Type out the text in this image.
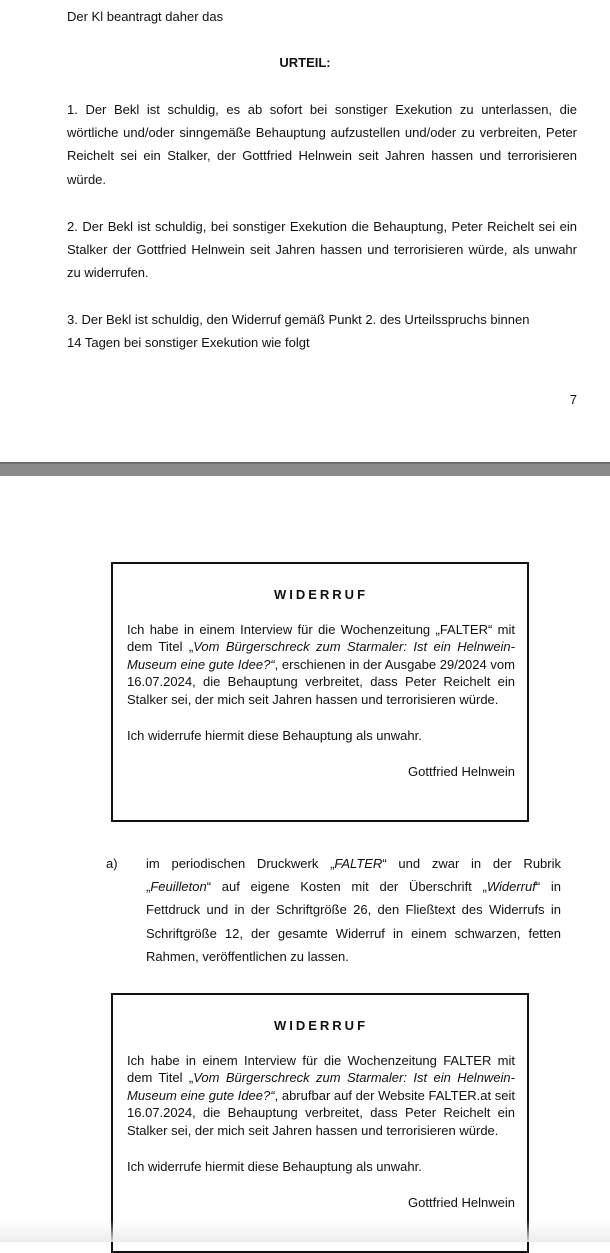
Der Kl beantragt daher das

URTEIL:

1. Der Bekl ist schuldig, es ab sofort bei sonstiger Exekution zu unterlassen, die wörtliche und/oder sinngemäße Behauptung aufzustellen und/oder zu verbreiten, Peter Reichelt sei ein Stalker, der Gottfried Helnwein seit Jahren hassen und terrorisieren würde.

2. Der Bekl ist schuldig, bei sonstiger Exekution die Behauptung, Peter Reichelt sei ein Stalker der Gottfried Helnwein seit Jahren hassen und terrorisieren würde, als unwahr zu widerrufen.

3. Der Bekl ist schuldig, den Widerruf gemäß Punkt 2. des Urteilsspruchs binnen
14 Tagen bei sonstiger Exekution wie folgt

7

WIDERRUF

Ich habe in einem Interview für die Wochenzeitung „FALTER“ mit dem Titel „Vom Bürgerschreck zum Starmaler: Ist ein Helnwein-Museum eine gute Idee?“, erschienen in der Ausgabe 29/2024 vom 16.07.2024, die Behauptung verbreitet, dass Peter Reichelt ein Stalker sei, der mich seit Jahren hassen und terrorisieren würde.

Ich widerrufe hiermit diese Behauptung als unwahr.

Gottfried Helnwein

a) im periodischen Druckwerk „FALTER“ und zwar in der Rubrik „Feuilleton“ auf eigene Kosten mit der Überschrift „Widerruf“ in Fettdruck und in der Schriftgröße 26, den Fließtext des Widerrufs in Schriftgröße 12, der gesamte Widerruf in einem schwarzen, fetten Rahmen, veröffentlichen zu lassen.

WIDERRUF

Ich habe in einem Interview für die Wochenzeitung FALTER mit dem Titel „Vom Bürgerschreck zum Starmaler: Ist ein Helnwein-Museum eine gute Idee?“, abrufbar auf der Website FALTER.at seit 16.07.2024, die Behauptung verbreitet, dass Peter Reichelt ein Stalker sei, der mich seit Jahren hassen und terrorisieren würde.

Ich widerrufe hiermit diese Behauptung als unwahr.

Gottfried Helnwein
